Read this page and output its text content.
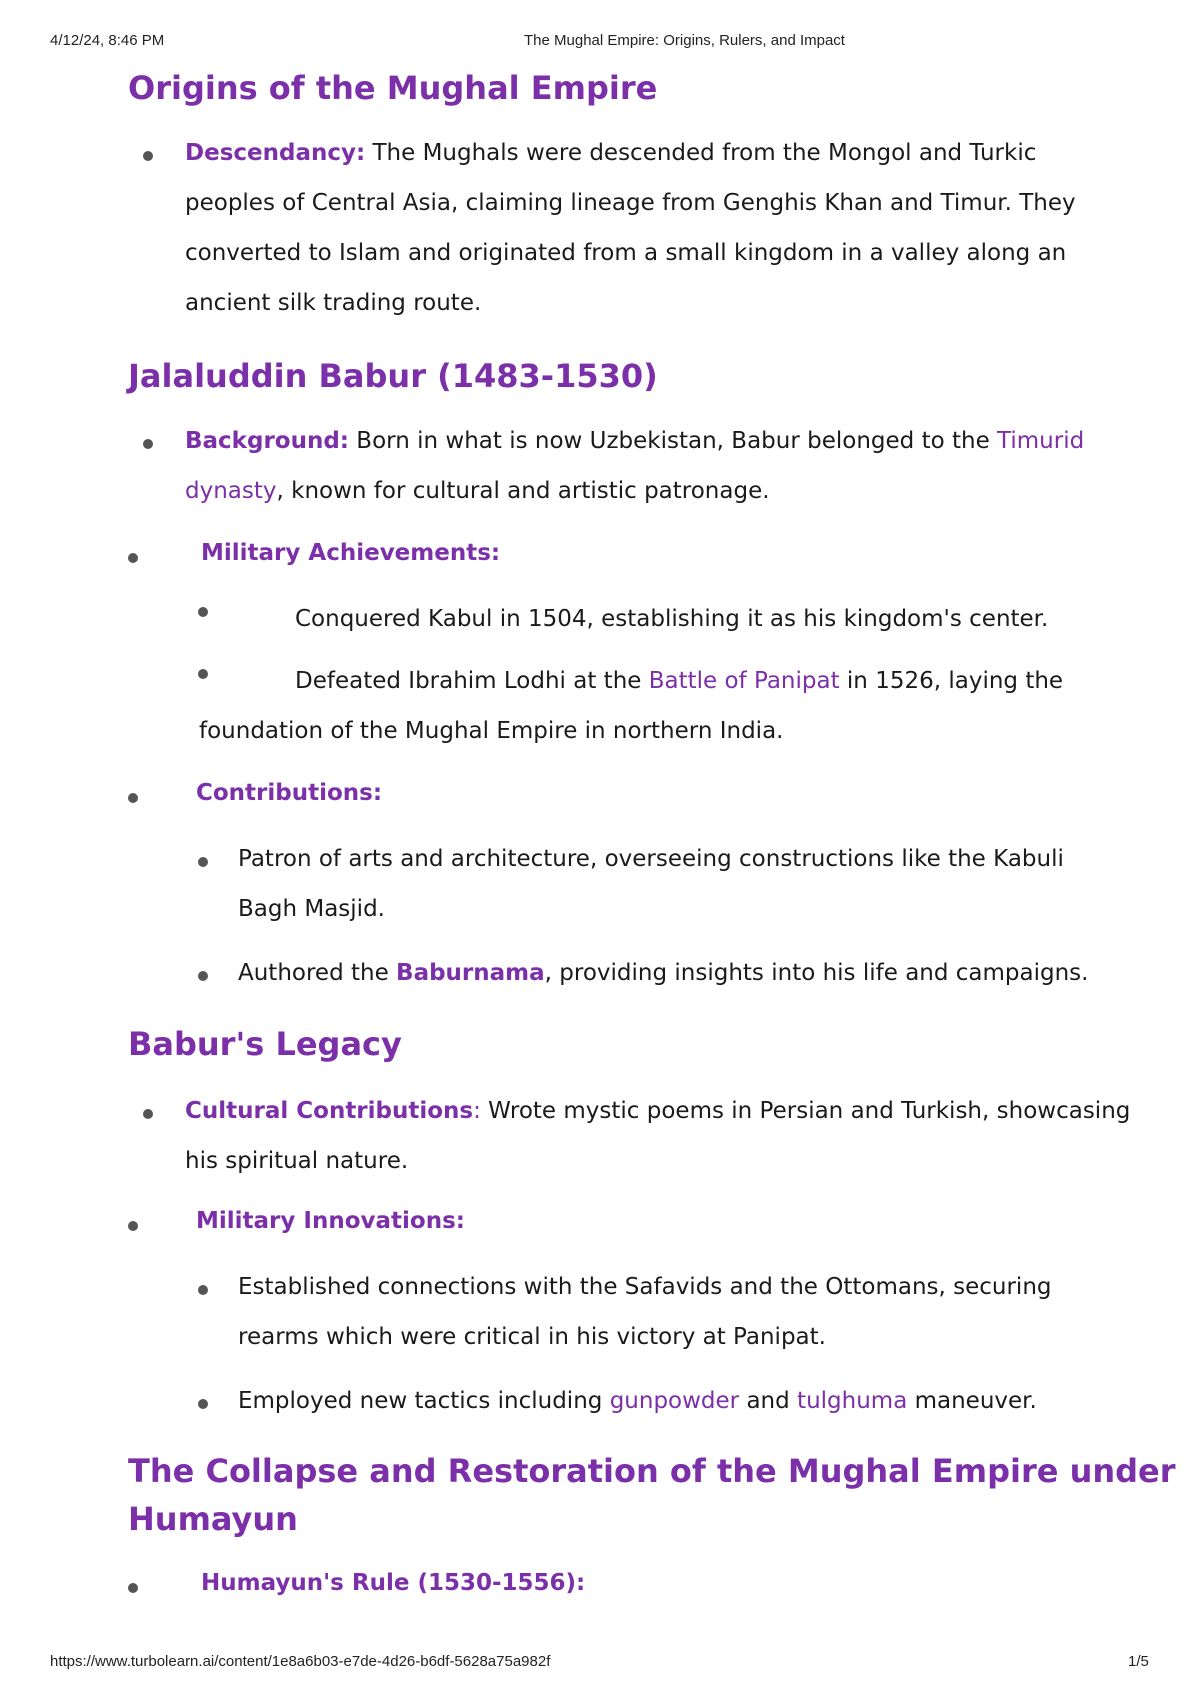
4/12/24, 8:46 PM	The Mughal Empire: Origins, Rulers, and Impact
Origins of the Mughal Empire

Descendancy: The Mughals were descended from the Mongol and Turkic

peoples of Central Asia, claiming lineage from Genghis Khan and Timur. They

converted to Islam and originated from a small kingdom in a valley along an

ancient silk trading route.

Jalaluddin Babur (1483-1530)

Background: Born in what is now Uzbekistan, Babur belonged to the Timurid

dynasty, known for cultural and artistic patronage.

Military Achievements:

Conquered Kabul in 1504, establishing it as his kingdom's center.

Defeated Ibrahim Lodhi at the Battle of Panipat in 1526, laying the

foundation of the Mughal Empire in northern India.

Contributions:

Patron of arts and architecture, overseeing constructions like the Kabuli

Bagh Masjid.

Authored the Baburnama, providing insights into his life and campaigns.

Babur's Legacy

Cultural Contributions: Wrote mystic poems in Persian and Turkish, showcasing

his spiritual nature.

Military Innovations:

Established connections with the Safavids and the Ottomans, securing

rearms which were critical in his victory at Panipat.

Employed new tactics including gunpowder and tulghuma maneuver.

The Collapse and Restoration of the Mughal Empire under
Humayun

Humayun's Rule (1530-1556):

https://www.turbolearn.ai/content/1e8a6b03-e7de-4d26-b6df-5628a75a982f	1/5
